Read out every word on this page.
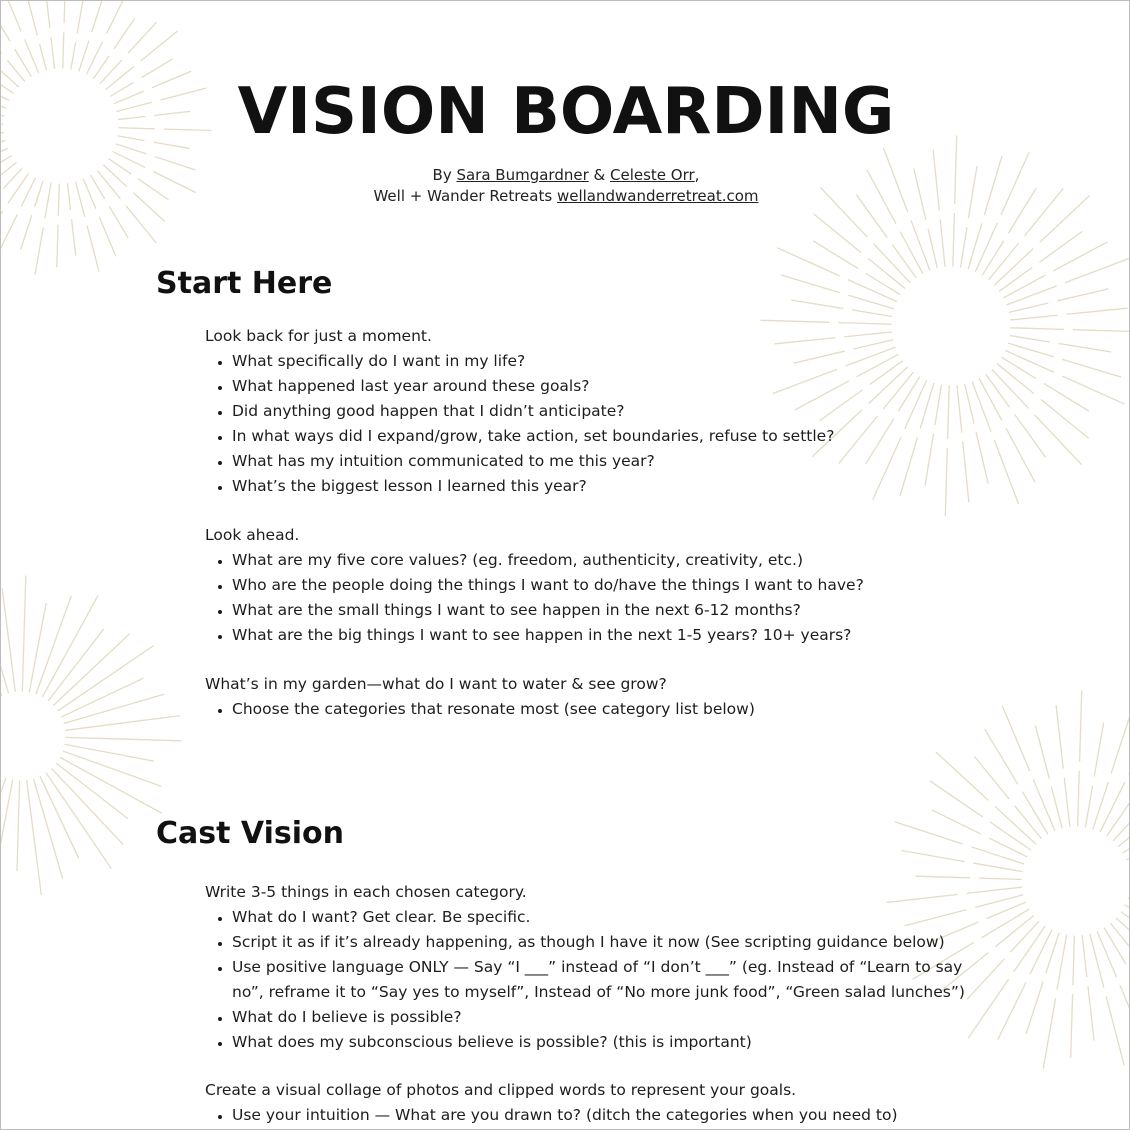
VISION BOARDING
By Sara Bumgardner & Celeste Orr,
Well + Wander Retreats wellandwanderretreat.com
Start Here

Look back for just a moment.

• What specifically do I want in my life?
• What happened last year around these goals?
• Did anything good happen that I didn’t anticipate?
• In what ways did I expand/grow, take action, set boundaries, refuse to settle?
• What has my intuition communicated to me this year?
• What’s the biggest lesson I learned this year?

Look ahead.

• What are my five core values? (eg. freedom, authenticity, creativity, etc.)
• Who are the people doing the things I want to do/have the things I want to have?
• What are the small things I want to see happen in the next 6-12 months?
• What are the big things I want to see happen in the next 1-5 years? 10+ years?

What’s in my garden—what do I want to water & see grow?

• Choose the categories that resonate most (see category list below)
Cast Vision

Write 3-5 things in each chosen category.

• What do I want? Get clear. Be specific.
• Script it as if it’s already happening, as though I have it now (See scripting guidance below)
• Use positive language ONLY — Say “I ___” instead of “I don’t ___” (eg. Instead of “Learn to say no”, reframe it to “Say yes to myself”, Instead of “No more junk food”, “Green salad lunches”)
• What do I believe is possible?
• What does my subconscious believe is possible? (this is important)

Create a visual collage of photos and clipped words to represent your goals.

• Use your intuition — What are you drawn to? (ditch the categories when you need to)
